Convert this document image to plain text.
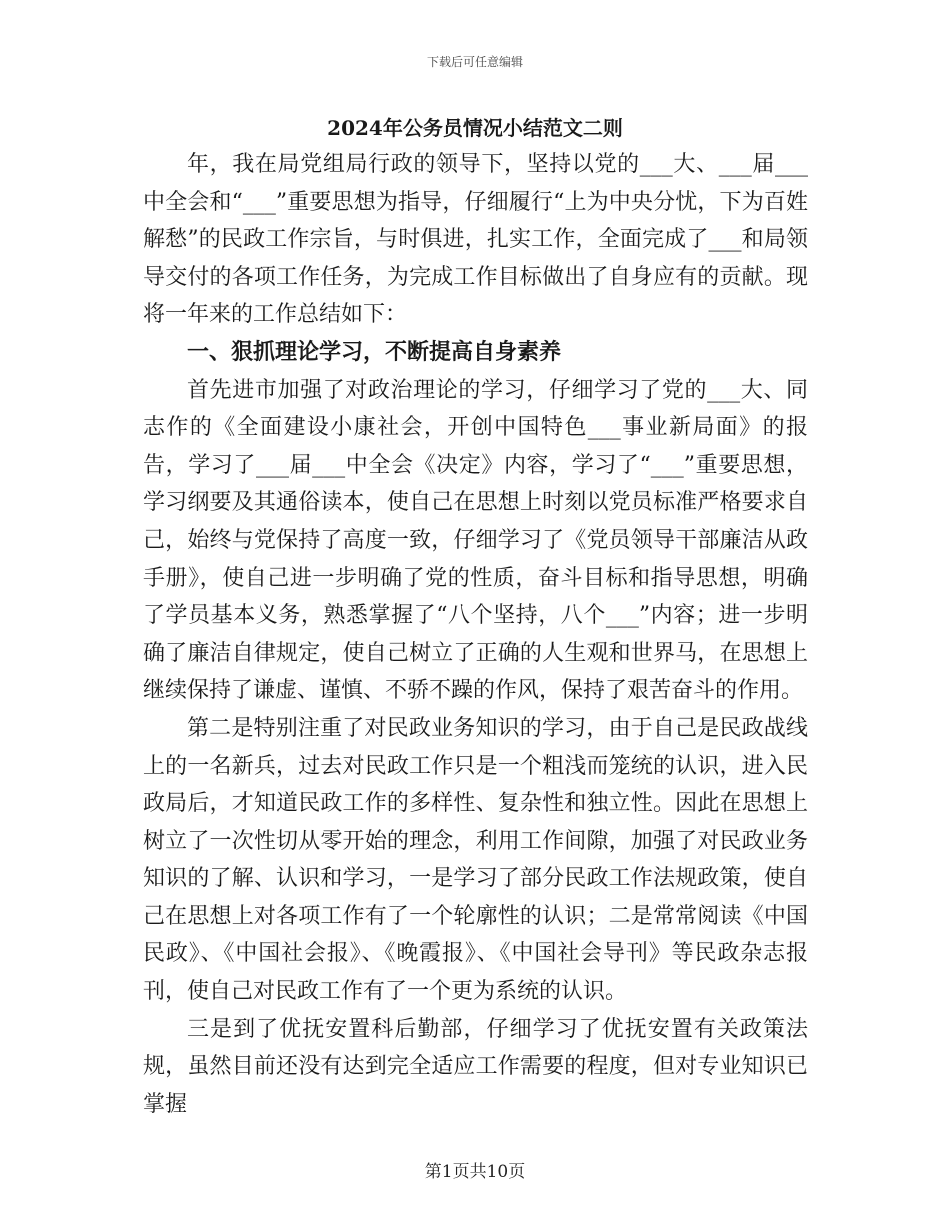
下载后可任意编辑
2024年公务员情况小结范文二则

年，我在局党组局行政的领导下，坚持以党的___大、___届___中全会和“___”重要思想为指导，仔细履行“上为中央分忧，下为百姓解愁”的民政工作宗旨，与时俱进，扎实工作，全面完成了___和局领导交付的各项工作任务，为完成工作目标做出了自身应有的贡献。现将一年来的工作总结如下：

一、狠抓理论学习，不断提高自身素养

首先进市加强了对政治理论的学习，仔细学习了党的___大、同志作的《全面建设小康社会，开创中国特色___事业新局面》的报告，学习了___届___中全会《决定》内容，学习了“___”重要思想，学习纲要及其通俗读本，使自己在思想上时刻以党员标准严格要求自己，始终与党保持了高度一致，仔细学习了《党员领导干部廉洁从政手册》，使自己进一步明确了党的性质，奋斗目标和指导思想，明确了学员基本义务，熟悉掌握了“八个坚持，八个___”内容；进一步明确了廉洁自律规定，使自己树立了正确的人生观和世界马，在思想上继续保持了谦虚、谨慎、不骄不躁的作风，保持了艰苦奋斗的作用。

第二是特别注重了对民政业务知识的学习，由于自己是民政战线上的一名新兵，过去对民政工作只是一个粗浅而笼统的认识，进入民政局后，才知道民政工作的多样性、复杂性和独立性。因此在思想上树立了一次性切从零开始的理念，利用工作间隙，加强了对民政业务知识的了解、认识和学习，一是学习了部分民政工作法规政策，使自己在思想上对各项工作有了一个轮廓性的认识；二是常常阅读《中国民政》、《中国社会报》、《晚霞报》、《中国社会导刊》等民政杂志报刊，使自己对民政工作有了一个更为系统的认识。

三是到了优抚安置科后勤部，仔细学习了优抚安置有关政策法规，虽然目前还没有达到完全适应工作需要的程度，但对专业知识已掌握

第1页共10页
